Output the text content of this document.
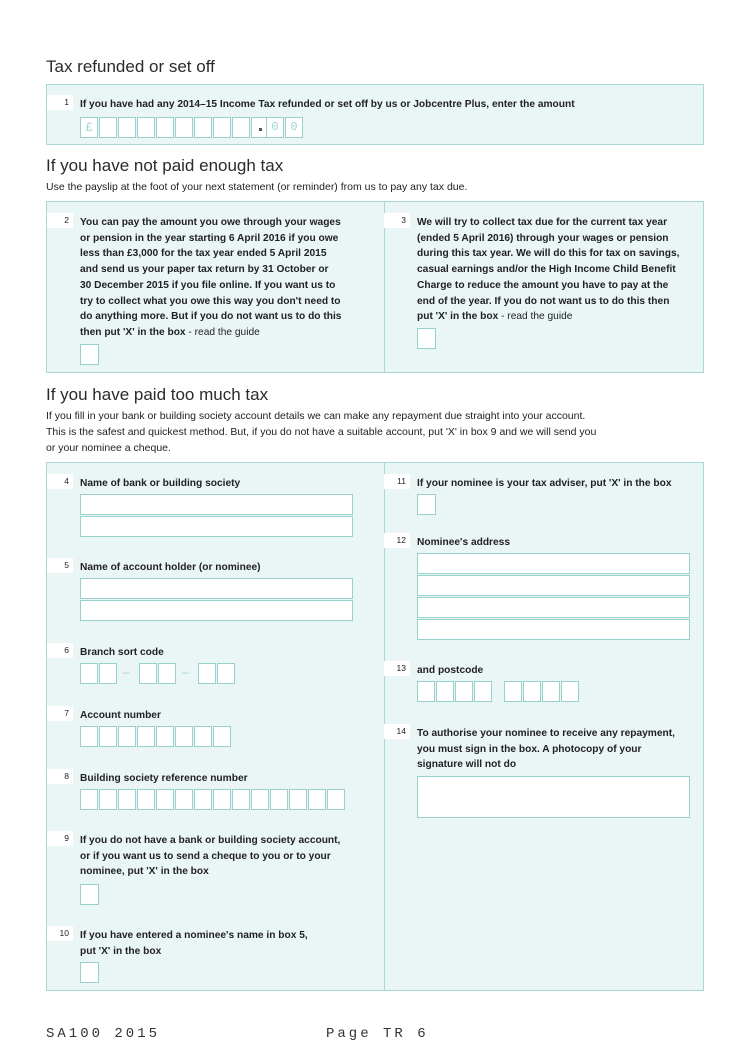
Tax refunded or set off
1	If you have had any 2014–15 Income Tax refunded or set off by us or Jobcentre Plus, enter the amount
£	0 0
If you have not paid enough tax
Use the payslip at the foot of your next statement (or reminder) from us to pay any tax due.
2	You can pay the amount you owe through your wages
or pension in the year starting 6 April 2016 if you owe
less than £3,000 for the tax year ended 5 April 2015
and send us your paper tax return by 31 October or
30 December 2015 if you file online. If you want us to
try to collect what you owe this way you don't need to
do anything more. But if you do not want us to do this
then put 'X' in the box - read the guide
3	We will try to collect tax due for the current tax year
(ended 5 April 2016) through your wages or pension
during this tax year. We will do this for tax on savings,
casual earnings and/or the High Income Child Benefit
Charge to reduce the amount you have to pay at the
end of the year. If you do not want us to do this then
put 'X' in the box - read the guide
If you have paid too much tax
If you fill in your bank or building society account details we can make any repayment due straight into your account.
This is the safest and quickest method. But, if you do not have a suitable account, put 'X' in box 9 and we will send you
or your nominee a cheque.
4	Name of bank or building society
5	Name of account holder (or nominee)
6	Branch sort code
–	–
7	Account number
8	Building society reference number
9	If you do not have a bank or building society account,
or if you want us to send a cheque to you or to your
nominee, put 'X' in the box
10	If you have entered a nominee's name in box 5,
put 'X' in the box
11	If your nominee is your tax adviser, put 'X' in the box
12	Nominee's address
13	and postcode
14	To authorise your nominee to receive any repayment,
you must sign in the box. A photocopy of your
signature will not do
SA100 2015	Page TR 6
